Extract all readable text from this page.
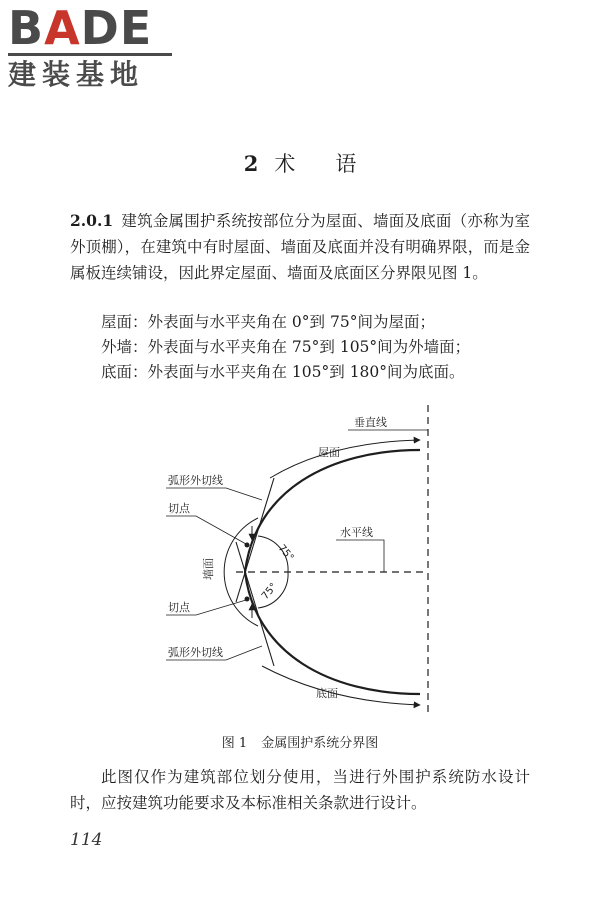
BADE
建装基地
2 术 语

2.0.1 建筑金属围护系统按部位分为屋面、墙面及底面（亦称为室外顶棚），在建筑中有时屋面、墙面及底面并没有明确界限，而是金属板连续铺设，因此界定屋面、墙面及底面区分界限见图 1。

屋面：外表面与水平夹角在 0°到 75°间为屋面；
外墙：外表面与水平夹角在 75°到 105°间为外墙面；
底面：外表面与水平夹角在 105°到 180°间为底面。
垂直线
屋面
底面
墙面
75°
75°
水平线
弧形外切线
切点
切点
弧形外切线
图 1 金属围护系统分界图

此图仅作为建筑部位划分使用，当进行外围护系统防水设计时，应按建筑功能要求及本标准相关条款进行设计。

114
